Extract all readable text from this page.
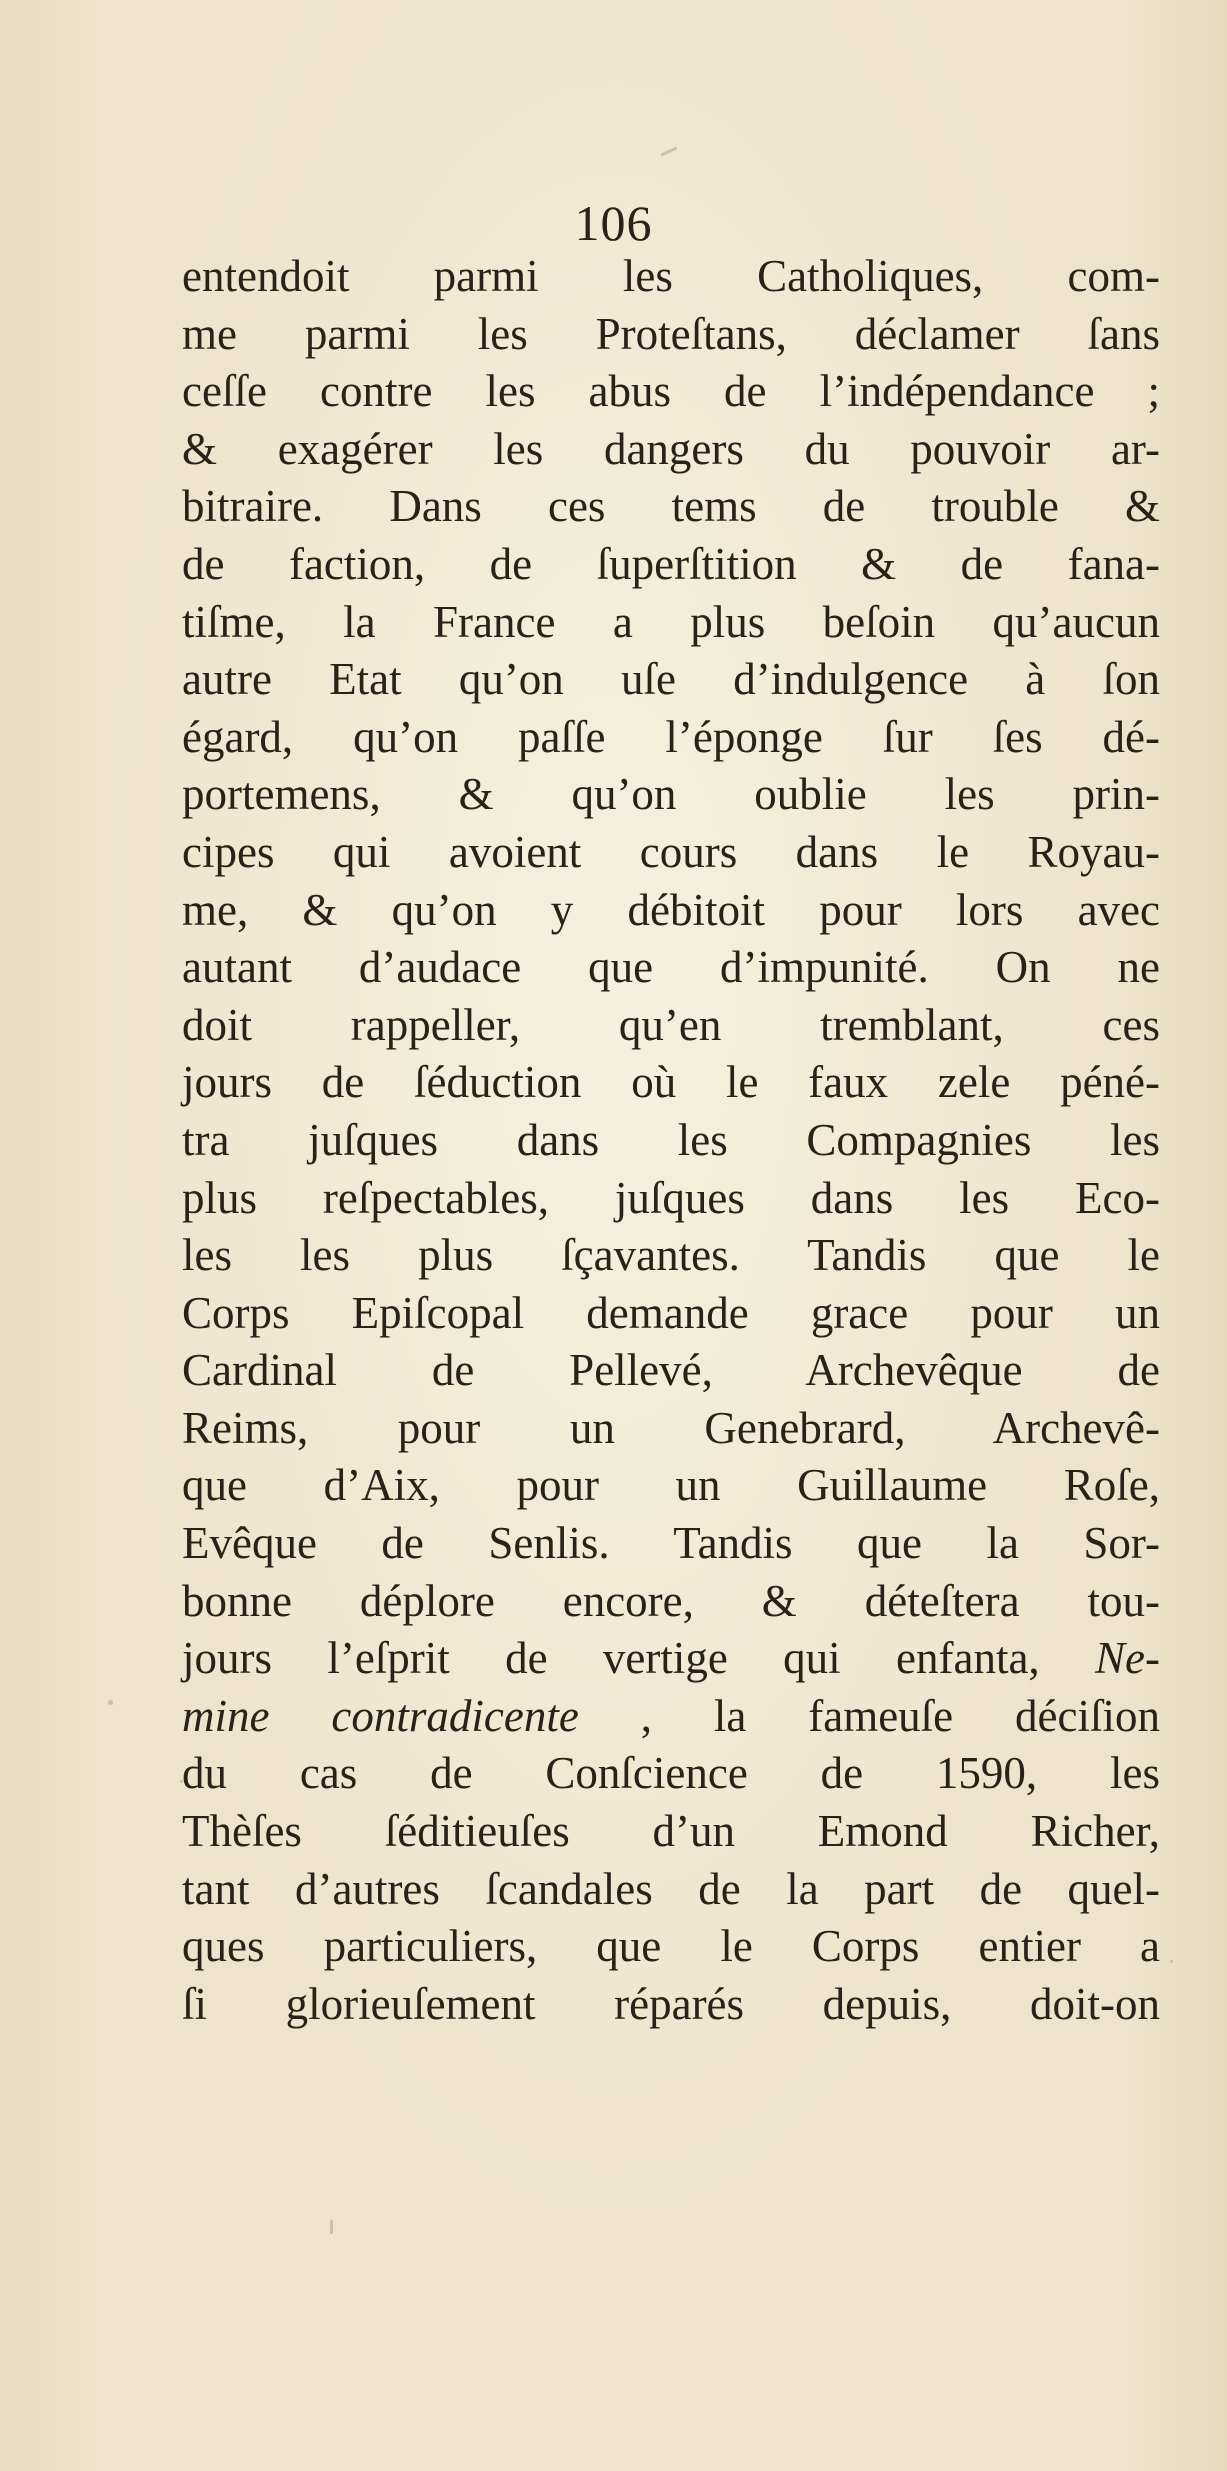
106
entendoit parmi les Catholiques, com-
me parmi les Proteſtans, déclamer ſans
ceſſe contre les abus de l’indépendance ;
& exagérer les dangers du pouvoir ar-
bitraire. Dans ces tems de trouble &
de faction, de ſuperſtition & de fana-
tiſme, la France a plus beſoin qu’aucun
autre Etat qu’on uſe d’indulgence à ſon
égard, qu’on paſſe l’éponge ſur ſes dé-
portemens, & qu’on oublie les prin-
cipes qui avoient cours dans le Royau-
me, & qu’on y débitoit pour lors avec
autant d’audace que d’impunité. On ne
doit rappeller, qu’en tremblant, ces
jours de ſéduction où le faux zele péné-
tra juſques dans les Compagnies les
plus reſpectables, juſques dans les Eco-
les les plus ſçavantes. Tandis que le
Corps Epiſcopal demande grace pour un
Cardinal de Pellevé, Archevêque de
Reims, pour un Genebrard, Archevê-
que d’Aix, pour un Guillaume Roſe,
Evêque de Senlis. Tandis que la Sor-
bonne déplore encore, & déteſtera tou-
jours l’eſprit de vertige qui enfanta, Ne-
mine contradicente , la fameuſe déciſion
du cas de Conſcience de 1590, les
Thèſes ſéditieuſes d’un Emond Richer,
tant d’autres ſcandales de la part de quel-
ques particuliers, que le Corps entier a
ſi glorieuſement réparés depuis, doit-on
